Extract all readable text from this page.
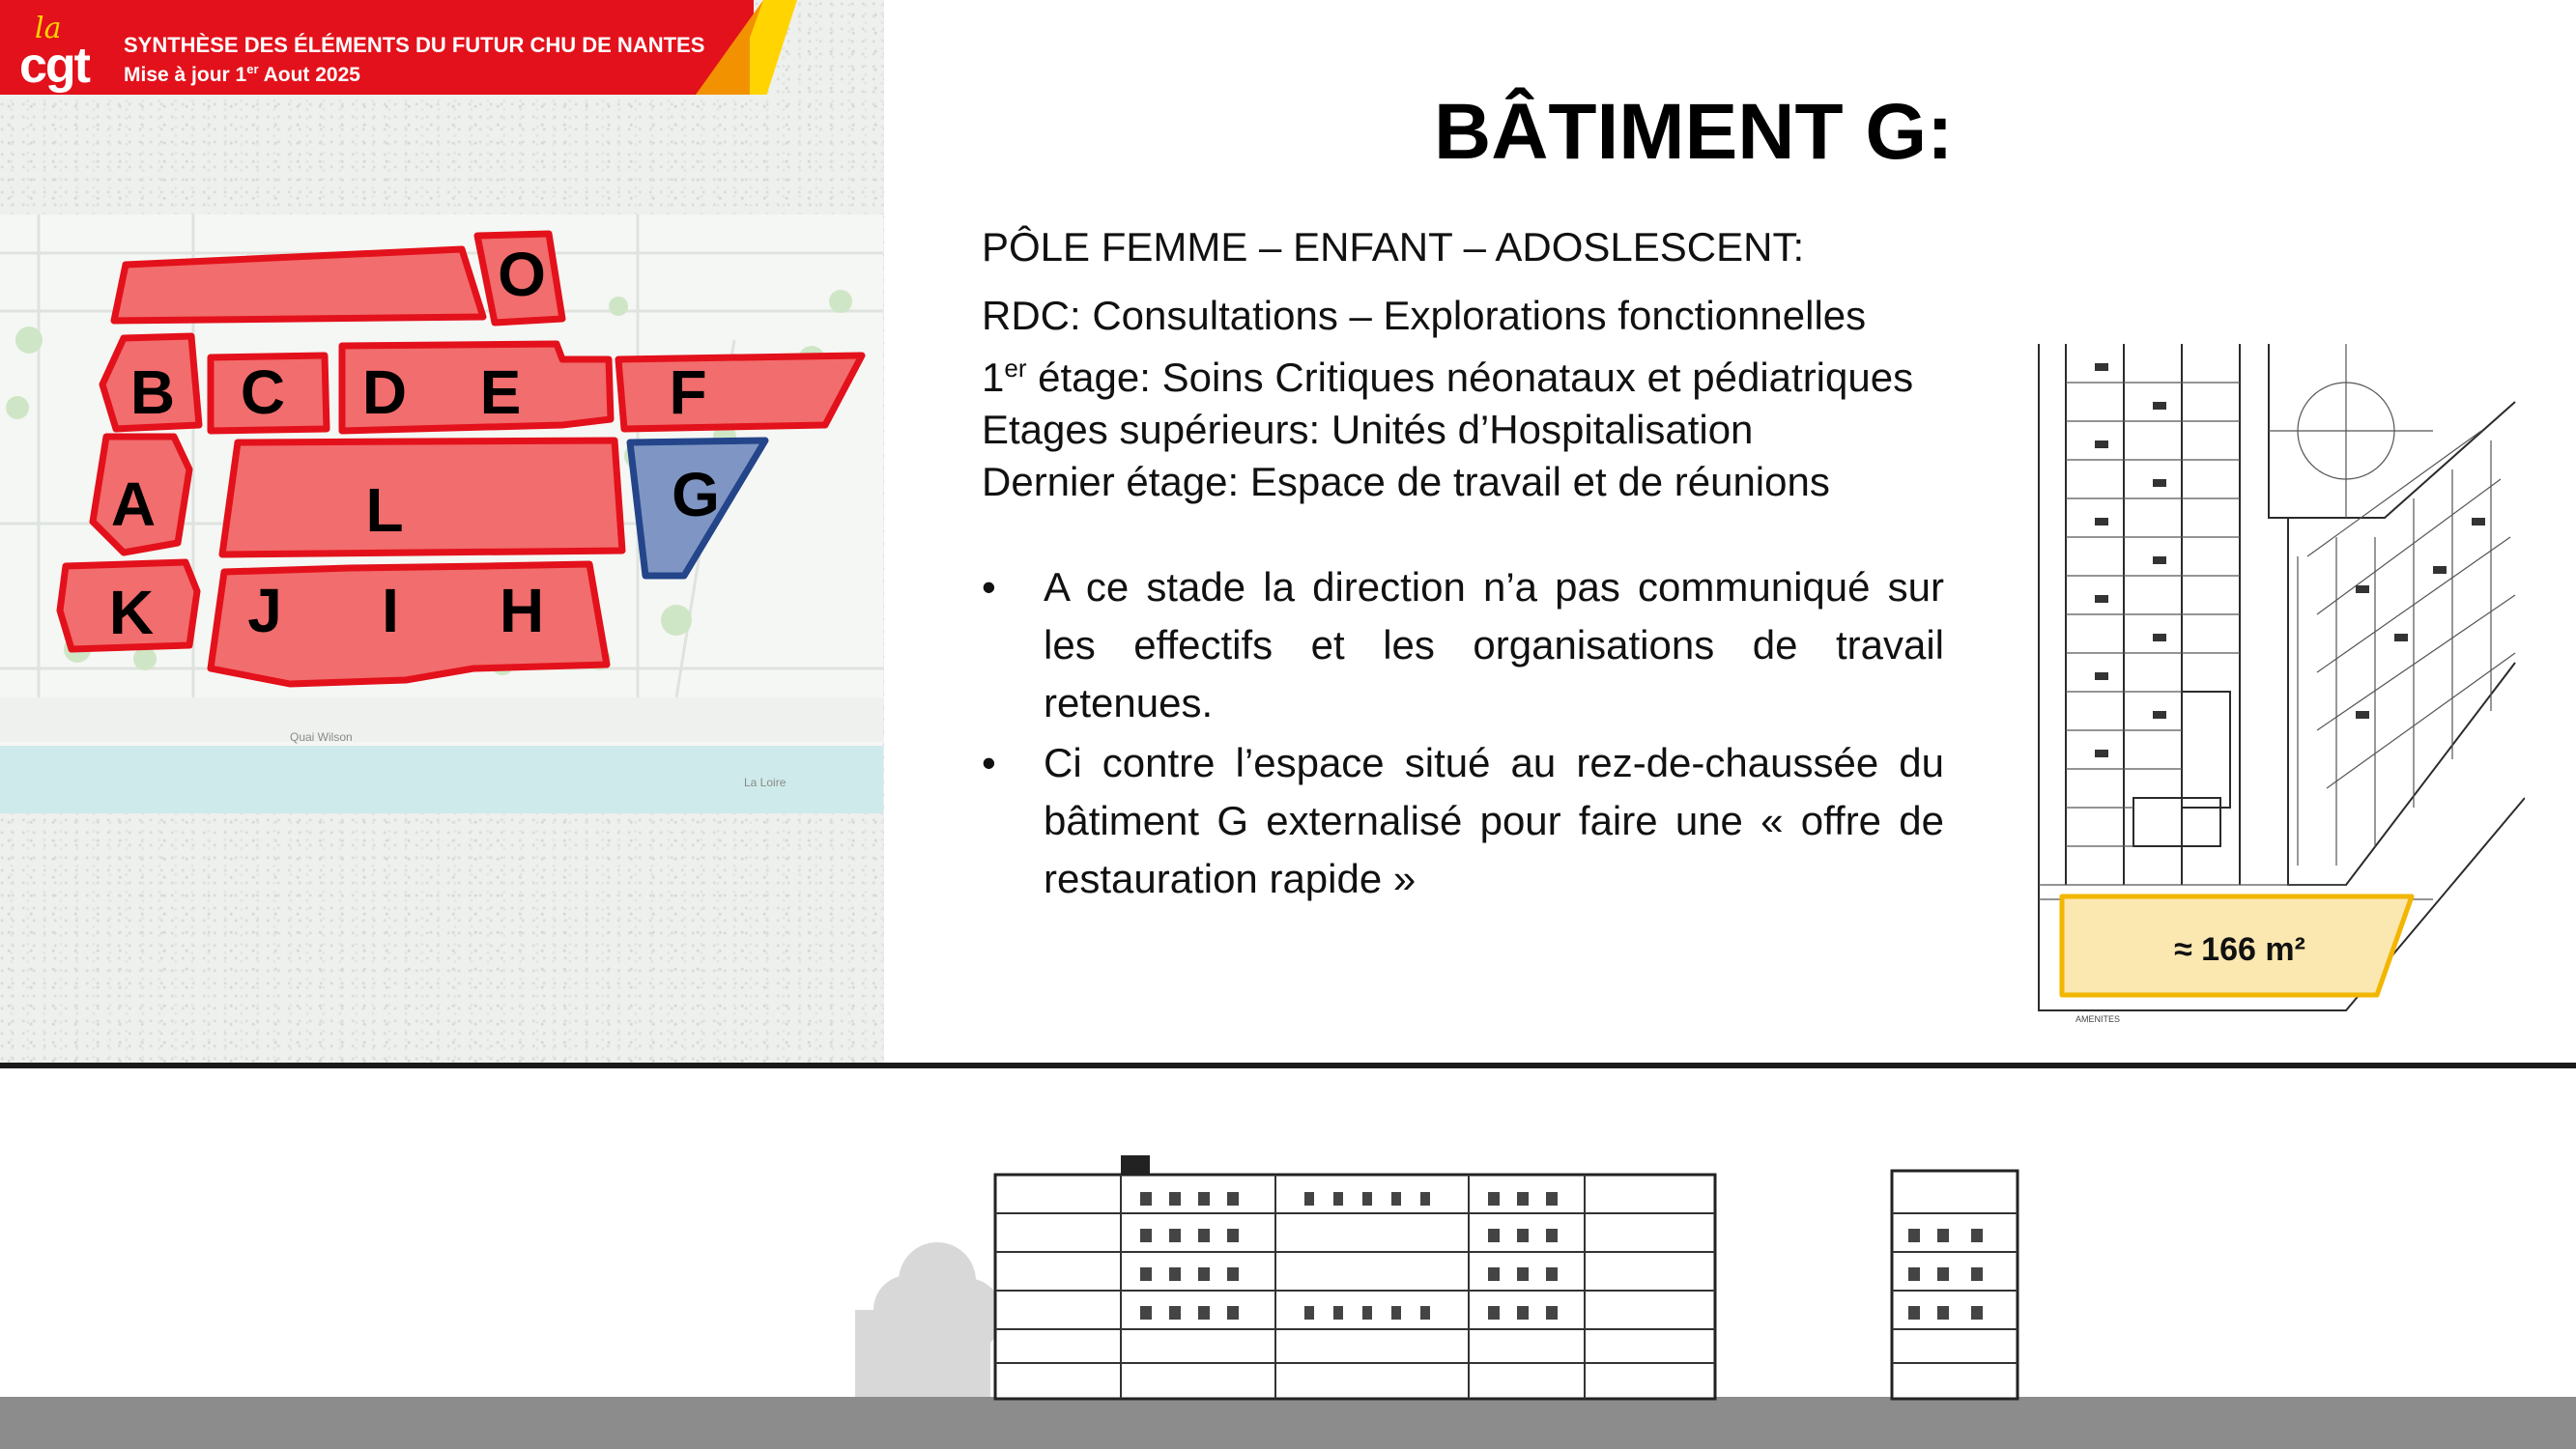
la
cgt SYNTHÈSE DES ÉLÉMENTS DU FUTUR CHU DE NANTES
Mise à jour 1er Aout 2025
Quai Wilson
La Loire
O
B C D E F
A	L	G
K J I H
BÂTIMENT G:
PÔLE FEMME – ENFANT – ADOSLESCENT:
RDC: Consultations – Explorations fonctionnelles
1er étage: Soins Critiques néonataux et pédiatriques
Etages supérieurs: Unités d’Hospitalisation
Dernier étage: Espace de travail et de réunions
• A ce stade la direction n’a pas communiqué sur les effectifs et les organisations de travail retenues.
• Ci contre l’espace situé au rez-de-chaussée du bâtiment G externalisé pour faire une « offre de restauration rapide »
≈ 166 m²
AMENITES
